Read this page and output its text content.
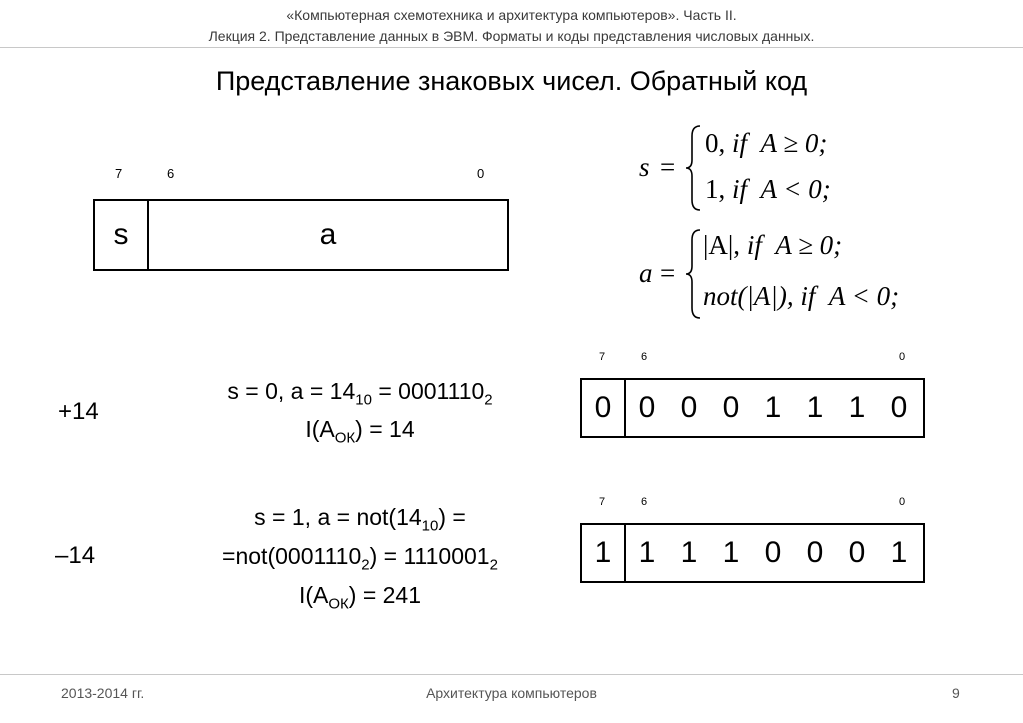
«Компьютерная схемотехника и архитектура компьютеров». Часть II.
Лекция 2. Представление данных в ЭВМ. Форматы и коды представления числовых данных.
Представление знаковых чисел. Обратный код
7	6	0
s	a
s =
0, if A ≥ 0;
1, if A < 0;
a =
|A|, if A ≥ 0;
not(|A|), if A < 0;
+14
s = 0, $a = 14_{10} = 0001110_2$
$I(A_{ОК}) = 14$
7	6	0
0 0 0 0 1 1 1 0
–14
s = 1, $a = not(14_{10})$ =
$=not(0001110_2) = 1110001_2$
$I(A_{ОК}) = 241$
7	6	0
1 1 1 1 0 0 0 1
2013-2014 гг.	Архитектура компьютеров	9
